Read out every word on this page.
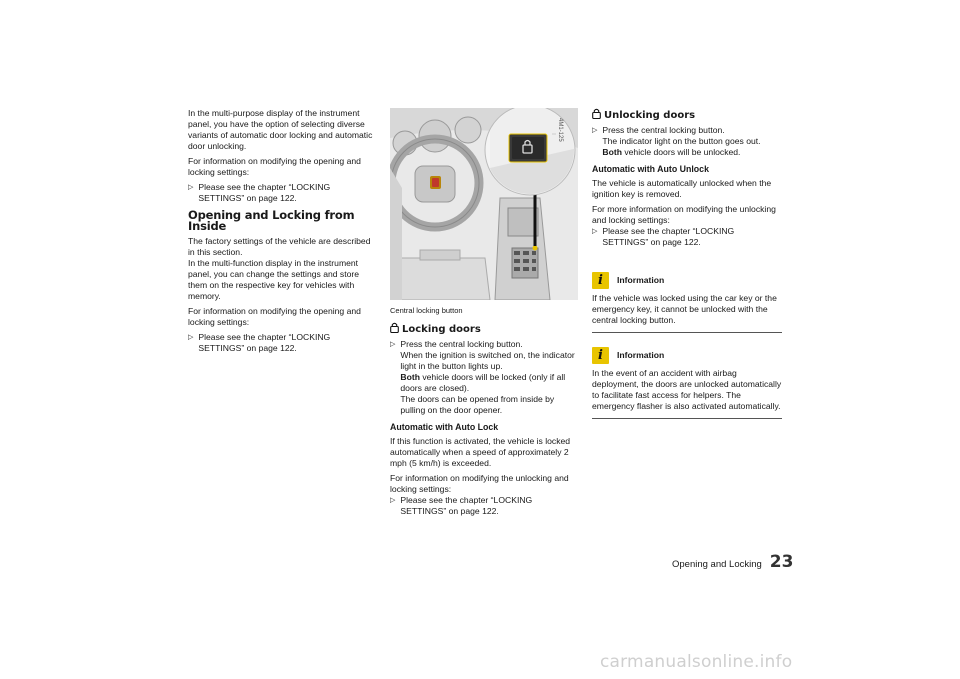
In the multi-purpose display of the instrument panel, you have the option of selecting diverse variants of automatic door locking and automatic door unlocking.

For information on modifying the opening and locking settings:

▷ Please see the chapter “LOCKING SETTINGS” on page 122.
Opening and Locking from Inside

The factory settings of the vehicle are described in this section.

In the multi-function display in the instrument panel, you can change the settings and store them on the respective key for vehicles with memory.

For information on modifying the opening and locking settings:

▷ Please see the chapter “LOCKING SETTINGS” on page 122.
4M1-125

Central locking button

Locking doors
▷ Press the central locking button.
When the ignition is switched on, the indicator light in the button lights up.
Both vehicle doors will be locked (only if all doors are closed).
The doors can be opened from inside by pulling on the door opener.
Automatic with Auto Lock

If this function is activated, the vehicle is locked automatically when a speed of approximately 2 mph (5 km/h) is exceeded.

For information on modifying the unlocking and locking settings:

▷ Please see the chapter “LOCKING SETTINGS” on page 122.
Unlocking doors
▷ Press the central locking button.
The indicator light on the button goes out.
Both vehicle doors will be unlocked.
Automatic with Auto Unlock

The vehicle is automatically unlocked when the ignition key is removed.

For more information on modifying the unlocking and locking settings:

▷ Please see the chapter “LOCKING SETTINGS” on page 122.
i	Information

If the vehicle was locked using the car key or the emergency key, it cannot be unlocked with the central locking button.

i	Information

In the event of an accident with airbag deployment, the doors are unlocked automatically to facilitate fast access for helpers. The emergency flasher is also activated automatically.

Opening and Locking 23
carmanualsonline.info
